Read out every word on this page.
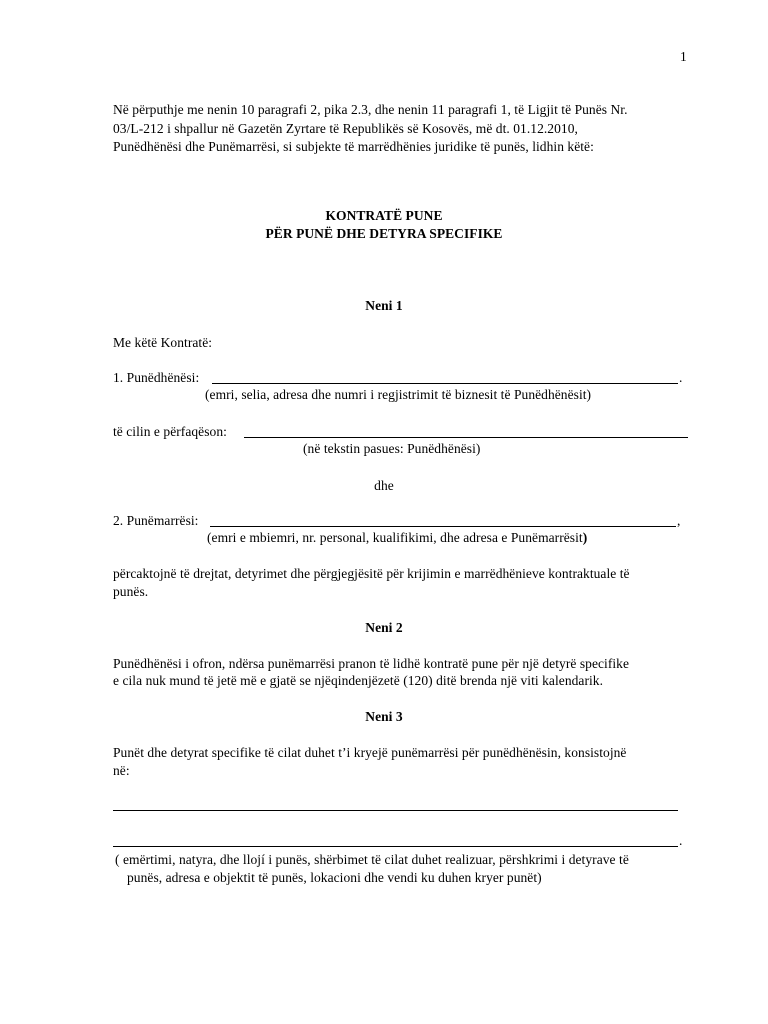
1
Në përputhje me nenin 10 paragrafi 2, pika 2.3, dhe nenin 11 paragrafi 1, të Ligjit të Punës Nr.
03/L-212 i shpallur në Gazetën Zyrtare të Republikës së Kosovës, më dt. 01.12.2010,
Punëdhënësi dhe Punëmarrësi, si subjekte të marrëdhënies juridike të punës, lidhin këtë:
KONTRATË PUNE
PËR PUNË DHE DETYRA SPECIFIKE
Neni 1
Me këtë Kontratë:
1. Punëdhënësi:	.
(emri, selia, adresa dhe numri i regjistrimit të biznesit të Punëdhënësit)
të cilin e përfaqëson:
(në tekstin pasues: Punëdhënësi)
dhe
2. Punëmarrësi:	,
(emri e mbiemri, nr. personal, kualifikimi, dhe adresa e Punëmarrësit)
përcaktojnë të drejtat, detyrimet dhe përgjegjësitë për krijimin e marrëdhënieve kontraktuale të
punës.
Neni 2
Punëdhënësi i ofron, ndërsa punëmarrësi pranon të lidhë kontratë pune për një detyrë specifike
e cila nuk mund të jetë më e gjatë se njëqindenjëzetë (120) ditë brenda një viti kalendarik.
Neni 3
Punët dhe detyrat specifike të cilat duhet t’i kryejë punëmarrësi për punëdhënësin, konsistojnë
në:
.
( emërtimi, natyra, dhe llojí i punës, shërbimet të cilat duhet realizuar, përshkrimi i detyrave të
punës, adresa e objektit të punës, lokacioni dhe vendi ku duhen kryer punët)
